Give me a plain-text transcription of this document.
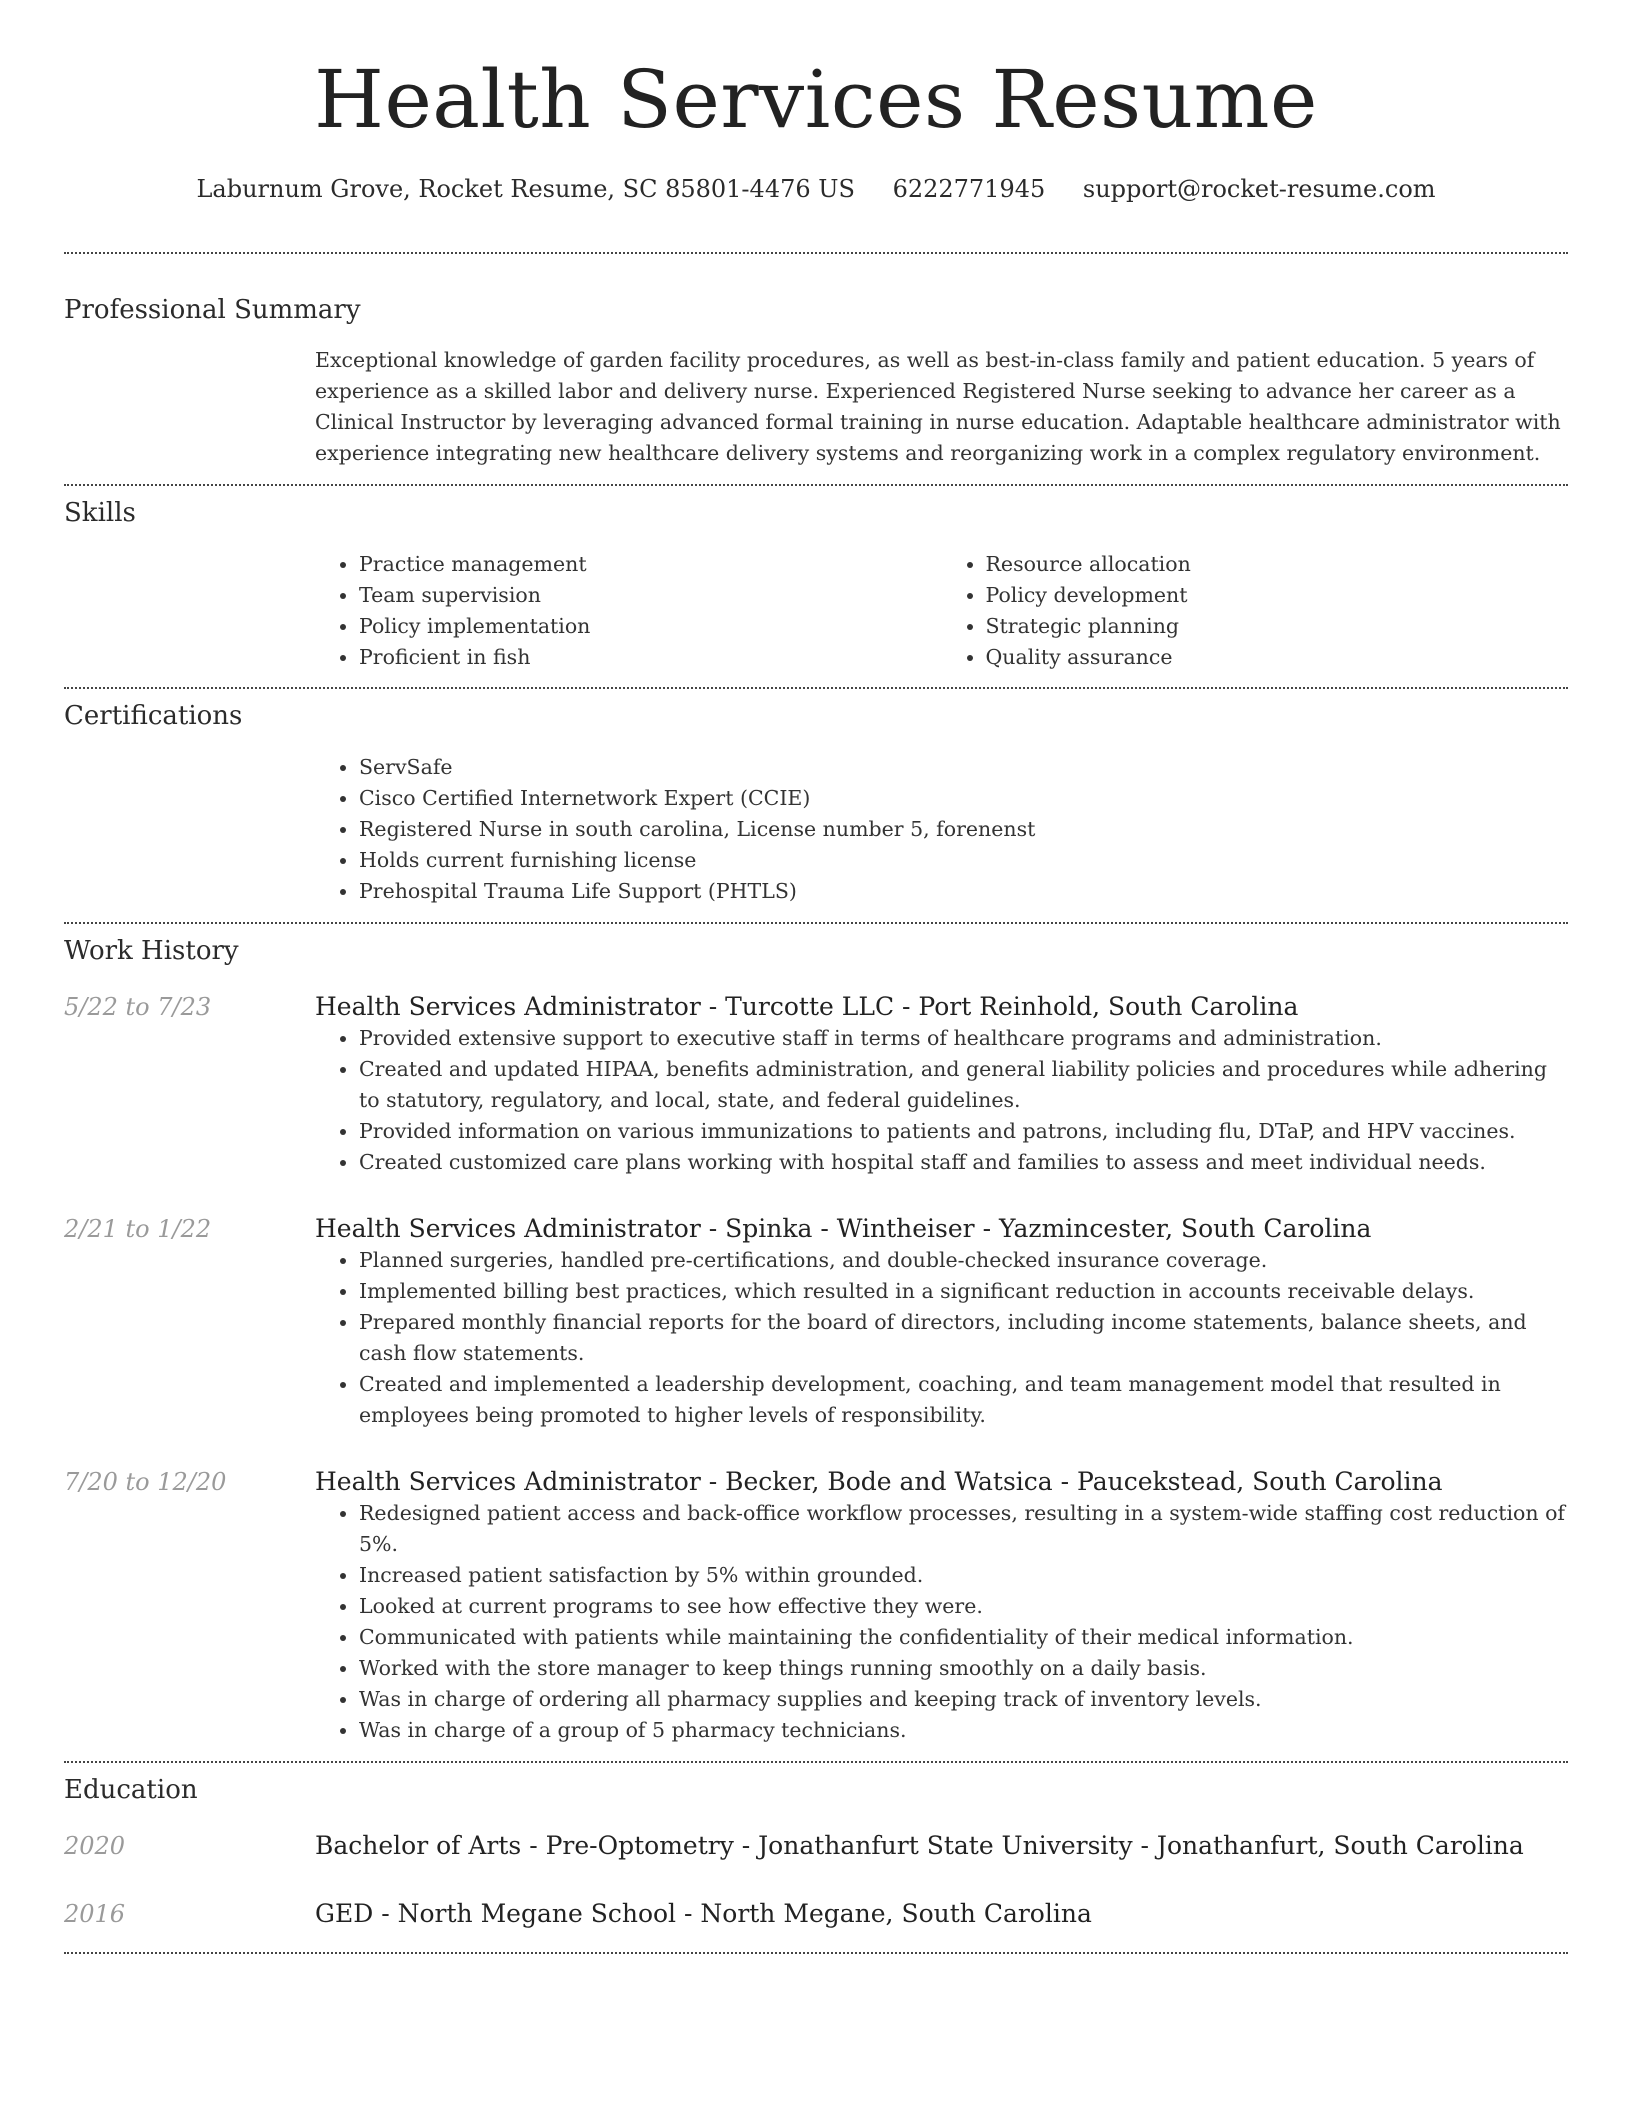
Health Services Resume
Laburnum Grove, Rocket Resume, SC 85801-4476 US 6222771945 support@rocket-resume.com
Professional Summary

Exceptional knowledge of garden facility procedures, as well as best-in-class family and patient education. 5 years of experience as a skilled labor and delivery nurse. Experienced Registered Nurse seeking to advance her career as a Clinical Instructor by leveraging advanced formal training in nurse education. Adaptable healthcare administrator with experience integrating new healthcare delivery systems and reorganizing work in a complex regulatory environment.

Skills
• Practice management
• Team supervision
• Policy implementation
• Proficient in fish
• Resource allocation
• Policy development
• Strategic planning
• Quality assurance
Certifications
• ServSafe
• Cisco Certified Internetwork Expert (CCIE)
• Registered Nurse in south carolina, License number 5, forenenst
• Holds current furnishing license
• Prehospital Trauma Life Support (PHTLS)
Work History
5/22 to 7/23	Health Services Administrator - Turcotte LLC - Port Reinhold, South Carolina
• Provided extensive support to executive staff in terms of healthcare programs and administration.
• Created and updated HIPAA, benefits administration, and general liability policies and procedures while adhering to statutory, regulatory, and local, state, and federal guidelines.
• Provided information on various immunizations to patients and patrons, including flu, DTaP, and HPV vaccines.
• Created customized care plans working with hospital staff and families to assess and meet individual needs.
2/21 to 1/22	Health Services Administrator - Spinka - Wintheiser - Yazmincester, South Carolina
• Planned surgeries, handled pre-certifications, and double-checked insurance coverage.
• Implemented billing best practices, which resulted in a significant reduction in accounts receivable delays.
• Prepared monthly financial reports for the board of directors, including income statements, balance sheets, and cash flow statements.
• Created and implemented a leadership development, coaching, and team management model that resulted in employees being promoted to higher levels of responsibility.
7/20 to 12/20	Health Services Administrator - Becker, Bode and Watsica - Paucekstead, South Carolina
• Redesigned patient access and back-office workflow processes, resulting in a system-wide staffing cost reduction of 5%.
• Increased patient satisfaction by 5% within grounded.
• Looked at current programs to see how effective they were.
• Communicated with patients while maintaining the confidentiality of their medical information.
• Worked with the store manager to keep things running smoothly on a daily basis.
• Was in charge of ordering all pharmacy supplies and keeping track of inventory levels.
• Was in charge of a group of 5 pharmacy technicians.
Education
2020	Bachelor of Arts - Pre-Optometry - Jonathanfurt State University - Jonathanfurt, South Carolina
2016	GED - North Megane School - North Megane, South Carolina
